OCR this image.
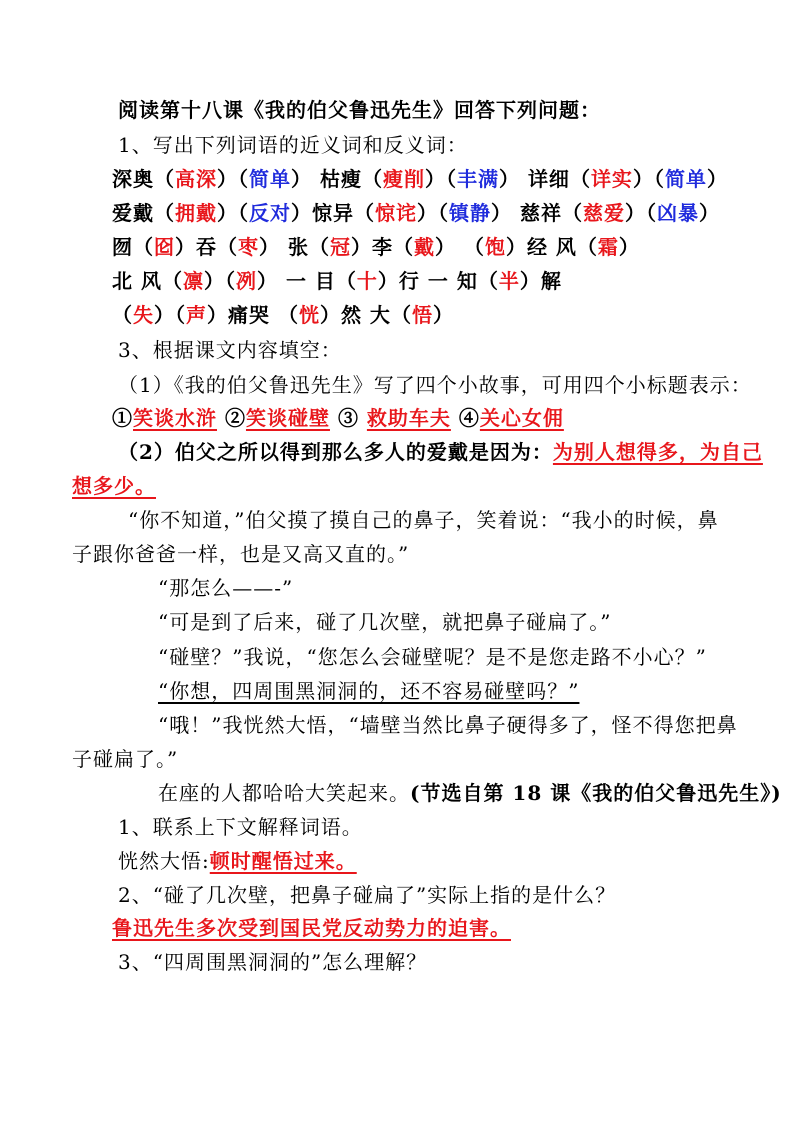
阅读第十八课《我的伯父鲁迅先生》回答下列问题：
1、写出下列词语的近义词和反义词：
深奥（高深）（简单） 枯瘦（瘦削）（丰满） 详细（详实）（简单）
爱戴（拥戴）（反对）惊异（惊诧）（镇静） 慈祥（慈爱）（凶暴）
囫（囵）吞（枣） 张（冠）李（戴） （饱）经 风（霜）
北 风（凛）（冽） 一 目（十）行 一 知（半）解
（失）（声）痛哭 （恍）然 大（悟）
3、根据课文内容填空：
（1）《我的伯父鲁迅先生》写了四个小故事，可用四个小标题表示：
①笑谈水浒 ②笑谈碰壁 ③ 救助车夫 ④关心女佣
（2）伯父之所以得到那么多人的爱戴是因为：为别人想得多，为自己
想多少。
“你不知道，”伯父摸了摸自己的鼻子，笑着说：“我小的时候，鼻
子跟你爸爸一样，也是又高又直的。”
“那怎么——-”
“可是到了后来，碰了几次壁，就把鼻子碰扁了。”
“碰壁？”我说，“您怎么会碰壁呢？是不是您走路不小心？”
“你想，四周围黑洞洞的，还不容易碰壁吗？”
“哦！”我恍然大悟，“墙壁当然比鼻子硬得多了，怪不得您把鼻
子碰扁了。”
在座的人都哈哈大笑起来。(节选自第 18 课《我的伯父鲁迅先生》)
1、联系上下文解释词语。
恍然大悟:顿时醒悟过来。
2、“碰了几次壁，把鼻子碰扁了”实际上指的是什么？
鲁迅先生多次受到国民党反动势力的迫害。
3、“四周围黑洞洞的”怎么理解？
